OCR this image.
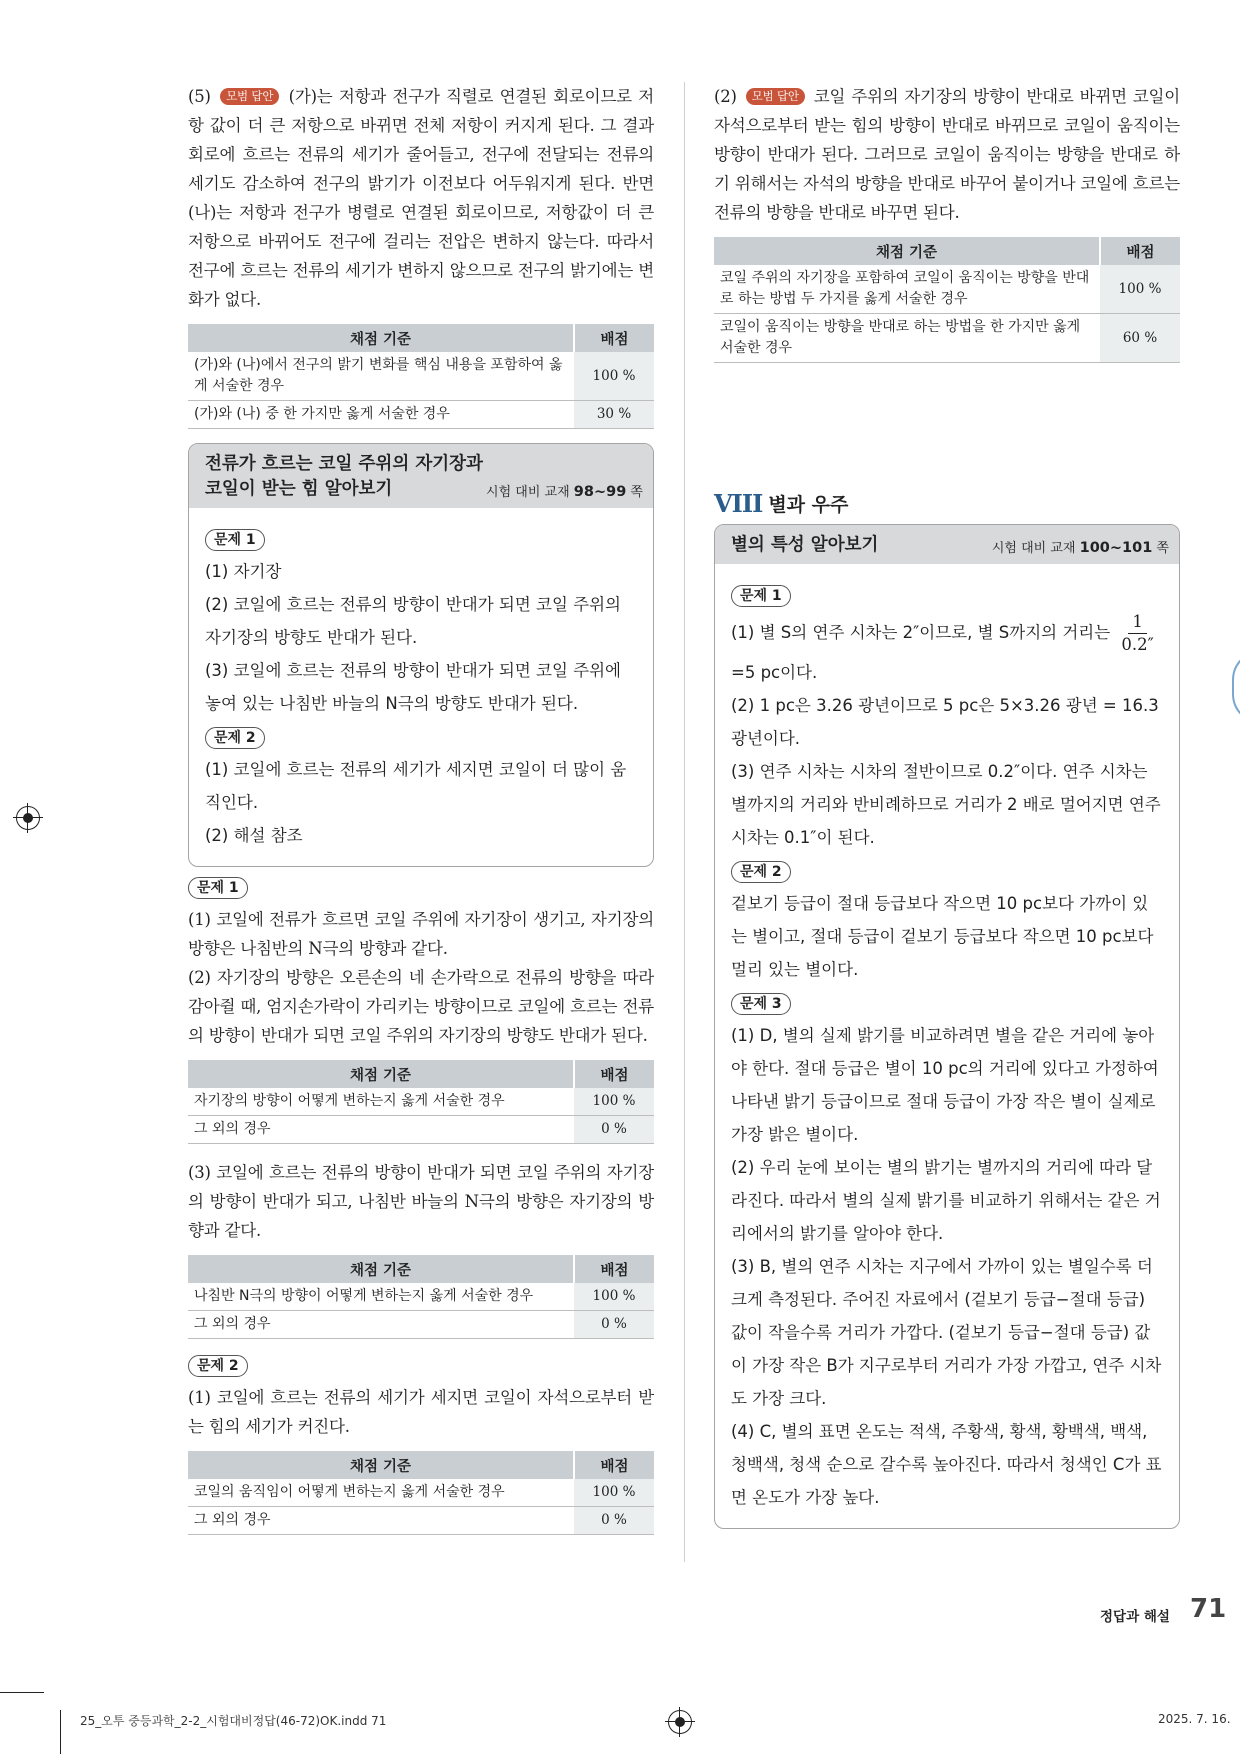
(5) 모범 답안 (가)는 저항과 전구가 직렬로 연결된 회로이므로 저항 값이 더 큰 저항으로 바뀌면 전체 저항이 커지게 된다. 그 결과 회로에 흐르는 전류의 세기가 줄어들고, 전구에 전달되는 전류의 세기도 감소하여 전구의 밝기가 이전보다 어두워지게 된다. 반면 (나)는 저항과 전구가 병렬로 연결된 회로이므로, 저항값이 더 큰 저항으로 바뀌어도 전구에 걸리는 전압은 변하지 않는다. 따라서 전구에 흐르는 전류의 세기가 변하지 않으므로 전구의 밝기에는 변화가 없다.

채점 기준	배점
(가)와 (나)에서 전구의 밝기 변화를 핵심 내용을 포함하여 옳게 서술한 경우	100 %
(가)와 (나) 중 한 가지만 옳게 서술한 경우	30 %
전류가 흐르는 코일 주위의 자기장과
코일이 받는 힘 알아보기	시험 대비 교재 98~99 쪽
문제 1

(1) 자기장

(2) 코일에 흐르는 전류의 방향이 반대가 되면 코일 주위의 자기장의 방향도 반대가 된다.

(3) 코일에 흐르는 전류의 방향이 반대가 되면 코일 주위에 놓여 있는 나침반 바늘의 N극의 방향도 반대가 된다.

문제 2

(1) 코일에 흐르는 전류의 세기가 세지면 코일이 더 많이 움직인다.

(2) 해설 참조

문제 1

(1) 코일에 전류가 흐르면 코일 주위에 자기장이 생기고, 자기장의 방향은 나침반의 N극의 방향과 같다.

(2) 자기장의 방향은 오른손의 네 손가락으로 전류의 방향을 따라 감아쥘 때, 엄지손가락이 가리키는 방향이므로 코일에 흐르는 전류의 방향이 반대가 되면 코일 주위의 자기장의 방향도 반대가 된다.

채점 기준	배점
자기장의 방향이 어떻게 변하는지 옳게 서술한 경우	100 %
그 외의 경우	0 %

(3) 코일에 흐르는 전류의 방향이 반대가 되면 코일 주위의 자기장의 방향이 반대가 되고, 나침반 바늘의 N극의 방향은 자기장의 방향과 같다.

채점 기준	배점
나침반 N극의 방향이 어떻게 변하는지 옳게 서술한 경우	100 %
그 외의 경우	0 %
문제 2

(1) 코일에 흐르는 전류의 세기가 세지면 코일이 자석으로부터 받는 힘의 세기가 커진다.

채점 기준	배점
코일의 움직임이 어떻게 변하는지 옳게 서술한 경우	100 %
그 외의 경우	0 %

(2) 모범 답안 코일 주위의 자기장의 방향이 반대로 바뀌면 코일이 자석으로부터 받는 힘의 방향이 반대로 바뀌므로 코일이 움직이는 방향이 반대가 된다. 그러므로 코일이 움직이는 방향을 반대로 하기 위해서는 자석의 방향을 반대로 바꾸어 붙이거나 코일에 흐르는 전류의 방향을 반대로 바꾸면 된다.

채점 기준	배점
코일 주위의 자기장을 포함하여 코일이 움직이는 방향을 반대로 하는 방법 두 가지를 옳게 서술한 경우	100 %
코일이 움직이는 방향을 반대로 하는 방법을 한 가지만 옳게 서술한 경우	60 %
VIII 별과 우주
별의 특성 알아보기	시험 대비 교재 100~101 쪽
문제 1

(1) 별 S의 연주 시차는 2″이므로, 별 S까지의 거리는 $\frac{1}{0.2''}$

=5 pc이다.

(2) 1 pc은 3.26 광년이므로 5 pc은 5×3.26 광년 = 16.3 광년이다.

(3) 연주 시차는 시차의 절반이므로 0.2″이다. 연주 시차는 별까지의 거리와 반비례하므로 거리가 2 배로 멀어지면 연주 시차는 0.1″이 된다.

문제 2

겉보기 등급이 절대 등급보다 작으면 10 pc보다 가까이 있는 별이고, 절대 등급이 겉보기 등급보다 작으면 10 pc보다 멀리 있는 별이다.

문제 3

(1) D, 별의 실제 밝기를 비교하려면 별을 같은 거리에 놓아야 한다. 절대 등급은 별이 10 pc의 거리에 있다고 가정하여 나타낸 밝기 등급이므로 절대 등급이 가장 작은 별이 실제로 가장 밝은 별이다.

(2) 우리 눈에 보이는 별의 밝기는 별까지의 거리에 따라 달라진다. 따라서 별의 실제 밝기를 비교하기 위해서는 같은 거리에서의 밝기를 알아야 한다.

(3) B, 별의 연주 시차는 지구에서 가까이 있는 별일수록 더 크게 측정된다. 주어진 자료에서 (겉보기 등급−절대 등급) 값이 작을수록 거리가 가깝다. (겉보기 등급−절대 등급) 값이 가장 작은 B가 지구로부터 거리가 가장 가깝고, 연주 시차도 가장 크다.

(4) C, 별의 표면 온도는 적색, 주황색, 황색, 황백색, 백색, 청백색, 청색 순으로 갈수록 높아진다. 따라서 청색인 C가 표면 온도가 가장 높다.

정답과 해설 71
25_오투 중등과학_2-2_시험대비정답(46-72)OK.indd 71	2025. 7. 16.
